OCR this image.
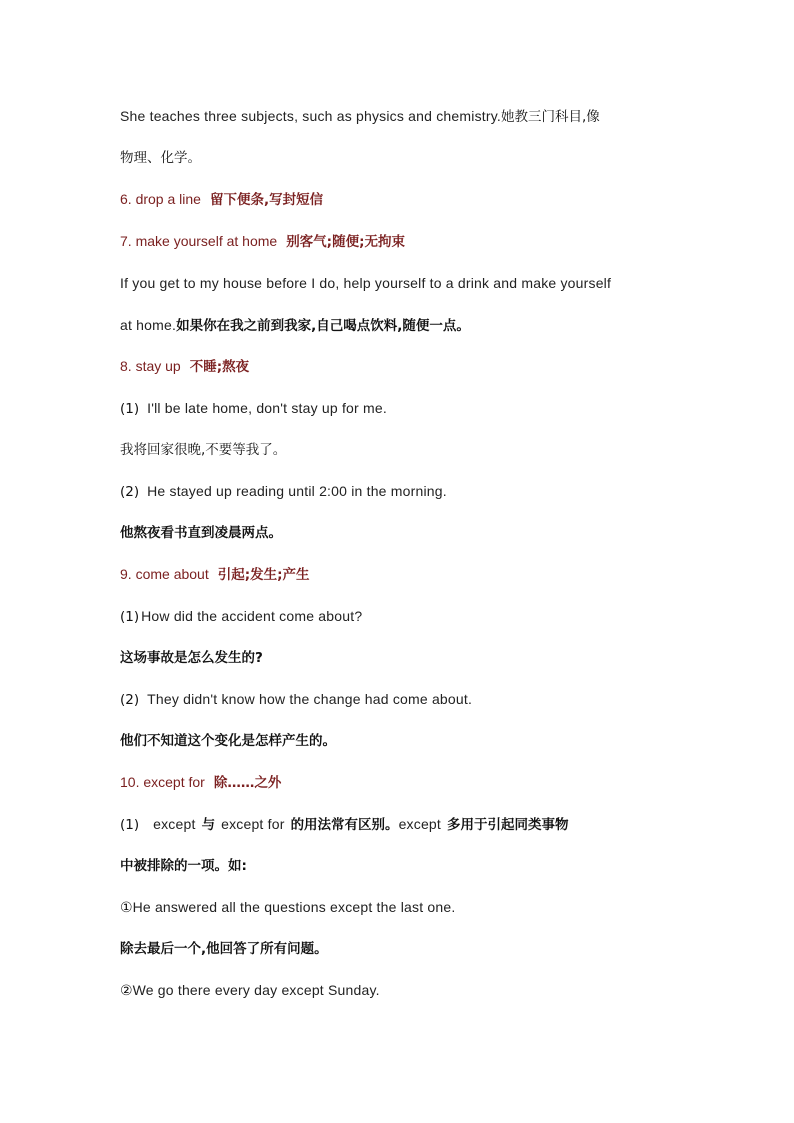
She teaches three subjects, such as physics and chemistry.她教三门科目,像
物理、化学。
6. drop a line 留下便条,写封短信
7. make yourself at home 别客气;随便;无拘束
If you get to my house before I do, help yourself to a drink and make yourself
at home.如果你在我之前到我家,自己喝点饮料,随便一点。
8. stay up 不睡;熬夜
(1) I'll be late home, don't stay up for me.
我将回家很晚,不要等我了。
(2) He stayed up reading until 2:00 in the morning.
他熬夜看书直到凌晨两点。
9. come about 引起;发生;产生
(1) How did the accident come about?
这场事故是怎么发生的?
(2) They didn't know how the change had come about.
他们不知道这个变化是怎样产生的。
10. except for 除……之外
(1) except 与 except for 的用法常有区别。except 多用于引起同类事物
中被排除的一项。如:
①He answered all the questions except the last one.
除去最后一个,他回答了所有问题。
②We go there every day except Sunday.
